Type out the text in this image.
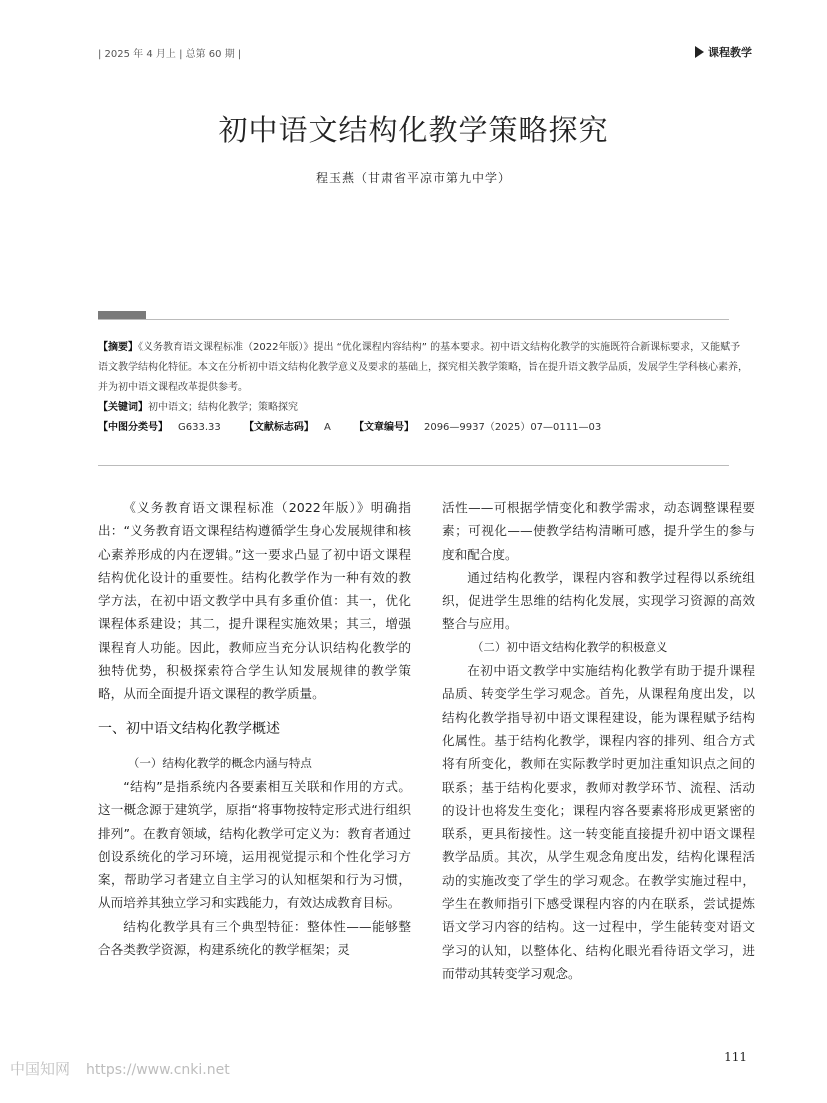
| 2025 年 4 月上 | 总第 60 期 |	课程教学
初中语文结构化教学策略探究
程玉燕（甘肃省平凉市第九中学）

【摘要】《义务教育语文课程标准（2022年版）》提出 “优化课程内容结构” 的基本要求。初中语文结构化教学的实施既符合新课标要求，又能赋予语文教学结构化特征。本文在分析初中语文结构化教学意义及要求的基础上，探究相关教学策略，旨在提升语文教学品质，发展学生学科核心素养，并为初中语文课程改革提供参考。

【关键词】初中语文；结构化教学；策略探究

【中图分类号】 G633.33 【文献标志码】 A 【文章编号】 2096—9937（2025）07—0111—03

《义务教育语文课程标准（2022年版）》明确指出：“义务教育语文课程结构遵循学生身心发展规律和核心素养形成的内在逻辑。”这一要求凸显了初中语文课程结构优化设计的重要性。结构化教学作为一种有效的教学方法，在初中语文教学中具有多重价值：其一，优化课程体系建设；其二，提升课程实施效果；其三，增强课程育人功能。因此，教师应当充分认识结构化教学的独特优势，积极探索符合学生认知发展规律的教学策略，从而全面提升语文课程的教学质量。

一、初中语文结构化教学概述
（一）结构化教学的概念内涵与特点

“结构”是指系统内各要素相互关联和作用的方式。这一概念源于建筑学，原指“将事物按特定形式进行组织排列”。在教育领域，结构化教学可定义为：教育者通过创设系统化的学习环境，运用视觉提示和个性化学习方案，帮助学习者建立自主学习的认知框架和行为习惯，从而培养其独立学习和实践能力，有效达成教育目标。

结构化教学具有三个典型特征：整体性——能够整合各类教学资源，构建系统化的教学框架；灵

活性——可根据学情变化和教学需求，动态调整课程要素；可视化——使教学结构清晰可感，提升学生的参与度和配合度。

通过结构化教学，课程内容和教学过程得以系统组织，促进学生思维的结构化发展，实现学习资源的高效整合与应用。

（二）初中语文结构化教学的积极意义

在初中语文教学中实施结构化教学有助于提升课程品质、转变学生学习观念。首先，从课程角度出发，以结构化教学指导初中语文课程建设，能为课程赋予结构化属性。基于结构化教学，课程内容的排列、组合方式将有所变化，教师在实际教学时更加注重知识点之间的联系；基于结构化要求，教师对教学环节、流程、活动的设计也将发生变化；课程内容各要素将形成更紧密的联系，更具衔接性。这一转变能直接提升初中语文课程教学品质。其次，从学生观念角度出发，结构化课程活动的实施改变了学生的学习观念。在教学实施过程中，学生在教师指引下感受课程内容的内在联系，尝试提炼语文学习内容的结构。这一过程中，学生能转变对语文学习的认知，以整体化、结构化眼光看待语文学习，进而带动其转变学习观念。

111
中国知网 https://www.cnki.net
